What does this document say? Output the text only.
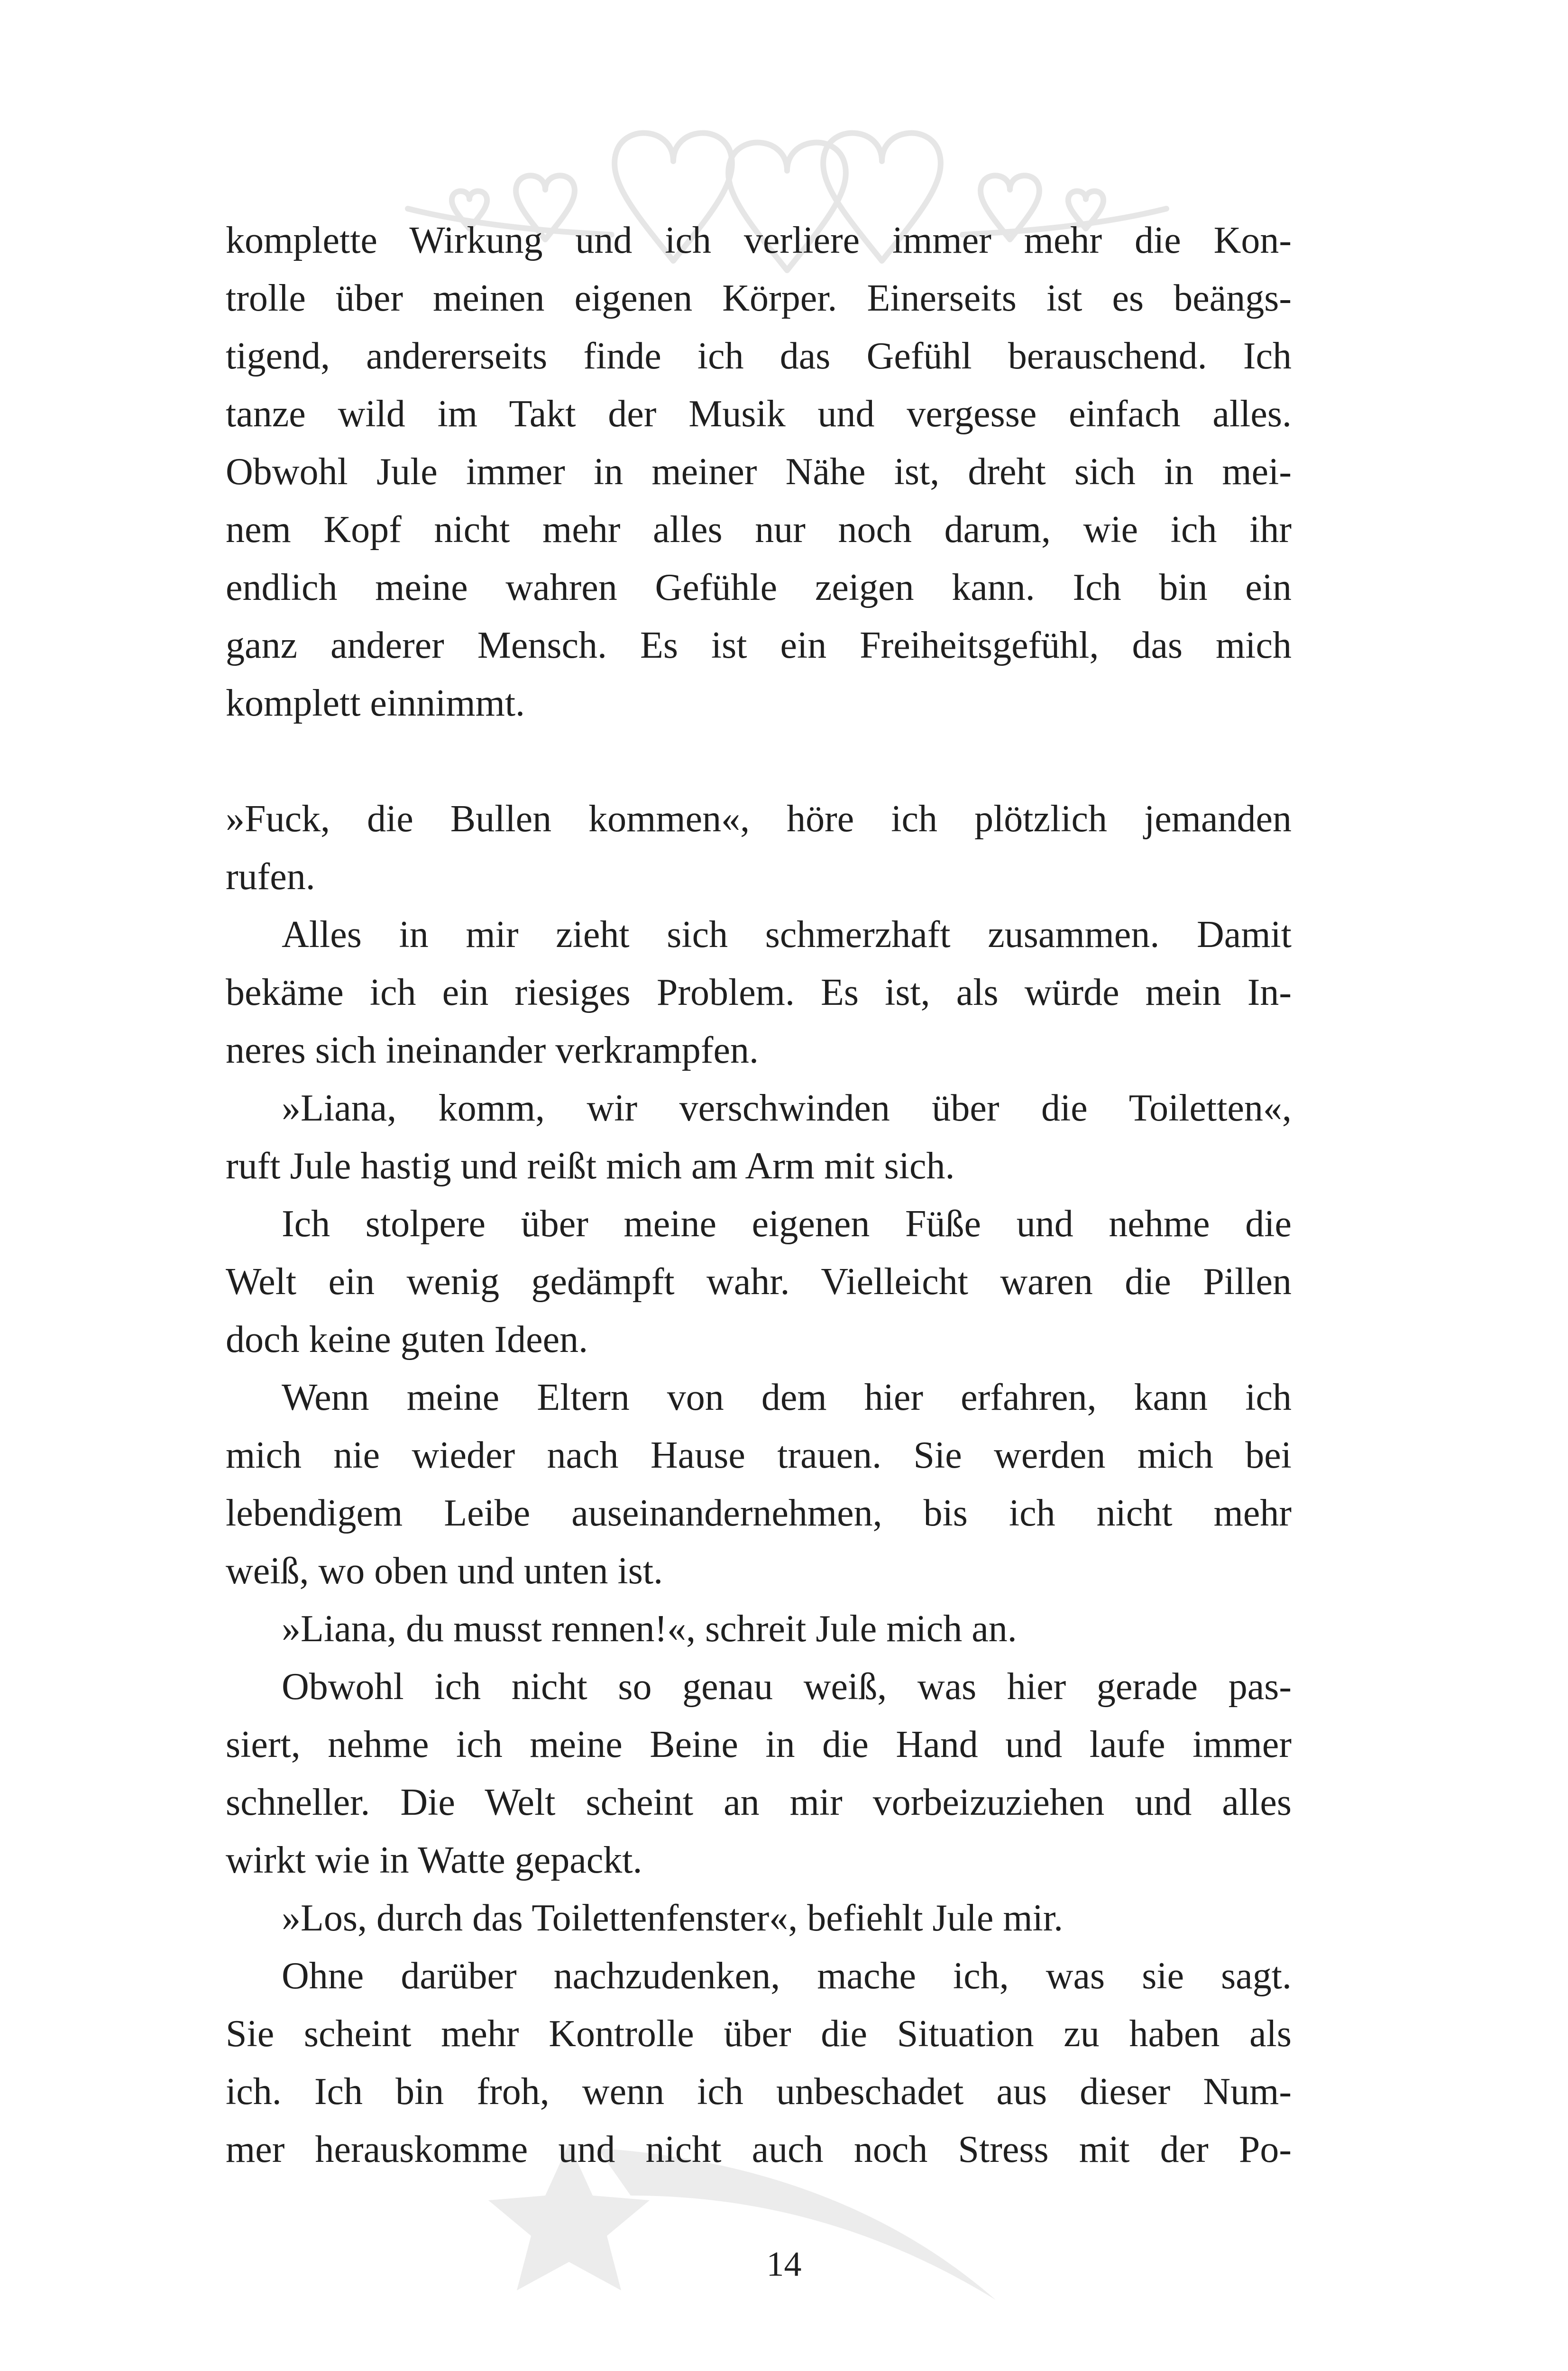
komplette Wirkung und ich verliere immer mehr die Kon-
trolle über meinen eigenen Körper. Einerseits ist es beängs-
tigend, andererseits finde ich das Gefühl berauschend. Ich
tanze wild im Takt der Musik und vergesse einfach alles.
Obwohl Jule immer in meiner Nähe ist, dreht sich in mei-
nem Kopf nicht mehr alles nur noch darum, wie ich ihr
endlich meine wahren Gefühle zeigen kann. Ich bin ein
ganz anderer Mensch. Es ist ein Freiheitsgefühl, das mich
komplett einnimmt.
»Fuck, die Bullen kommen«, höre ich plötzlich jemanden
rufen.
Alles in mir zieht sich schmerzhaft zusammen. Damit
bekäme ich ein riesiges Problem. Es ist, als würde mein In-
neres sich ineinander verkrampfen.
»Liana, komm, wir verschwinden über die Toiletten«,
ruft Jule hastig und reißt mich am Arm mit sich.
Ich stolpere über meine eigenen Füße und nehme die
Welt ein wenig gedämpft wahr. Vielleicht waren die Pillen
doch keine guten Ideen.
Wenn meine Eltern von dem hier erfahren, kann ich
mich nie wieder nach Hause trauen. Sie werden mich bei
lebendigem Leibe auseinandernehmen, bis ich nicht mehr
weiß, wo oben und unten ist.
»Liana, du musst rennen!«, schreit Jule mich an.
Obwohl ich nicht so genau weiß, was hier gerade pas-
siert, nehme ich meine Beine in die Hand und laufe immer
schneller. Die Welt scheint an mir vorbeizuziehen und alles
wirkt wie in Watte gepackt.
»Los, durch das Toilettenfenster«, befiehlt Jule mir.
Ohne darüber nachzudenken, mache ich, was sie sagt.
Sie scheint mehr Kontrolle über die Situation zu haben als
ich. Ich bin froh, wenn ich unbeschadet aus dieser Num-
mer herauskomme und nicht auch noch Stress mit der Po-
14
